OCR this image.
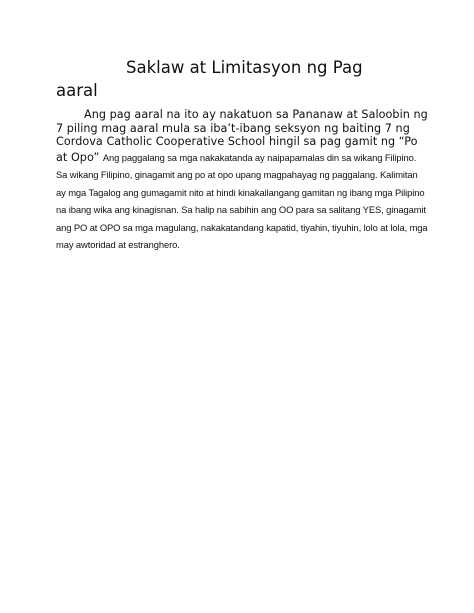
Saklaw at Limitasyon ng Pag
aaral
Ang pag aaral na ito ay nakatuon sa Pananaw at Saloobin ng
7 piling mag aaral mula sa iba’t-ibang seksyon ng baiting 7 ng
Cordova Catholic Cooperative School hingil sa pag gamit ng “Po
at Opo” Ang paggalang sa mga nakakatanda ay naipapamalas din sa wikang Filipino.
Sa wikang Filipino, ginagamit ang po at opo upang magpahayag ng paggalang. Kalimitan
ay mga Tagalog ang gumagamit nito at hindi kinakailangang gamitan ng ibang mga Pilipino
na ibang wika ang kinagisnan. Sa halip na sabihin ang OO para sa salitang YES, ginagamit
ang PO at OPO sa mga magulang, nakakatandang kapatid, tiyahin, tiyuhin, lolo at lola, mga
may awtoridad at estranghero.
